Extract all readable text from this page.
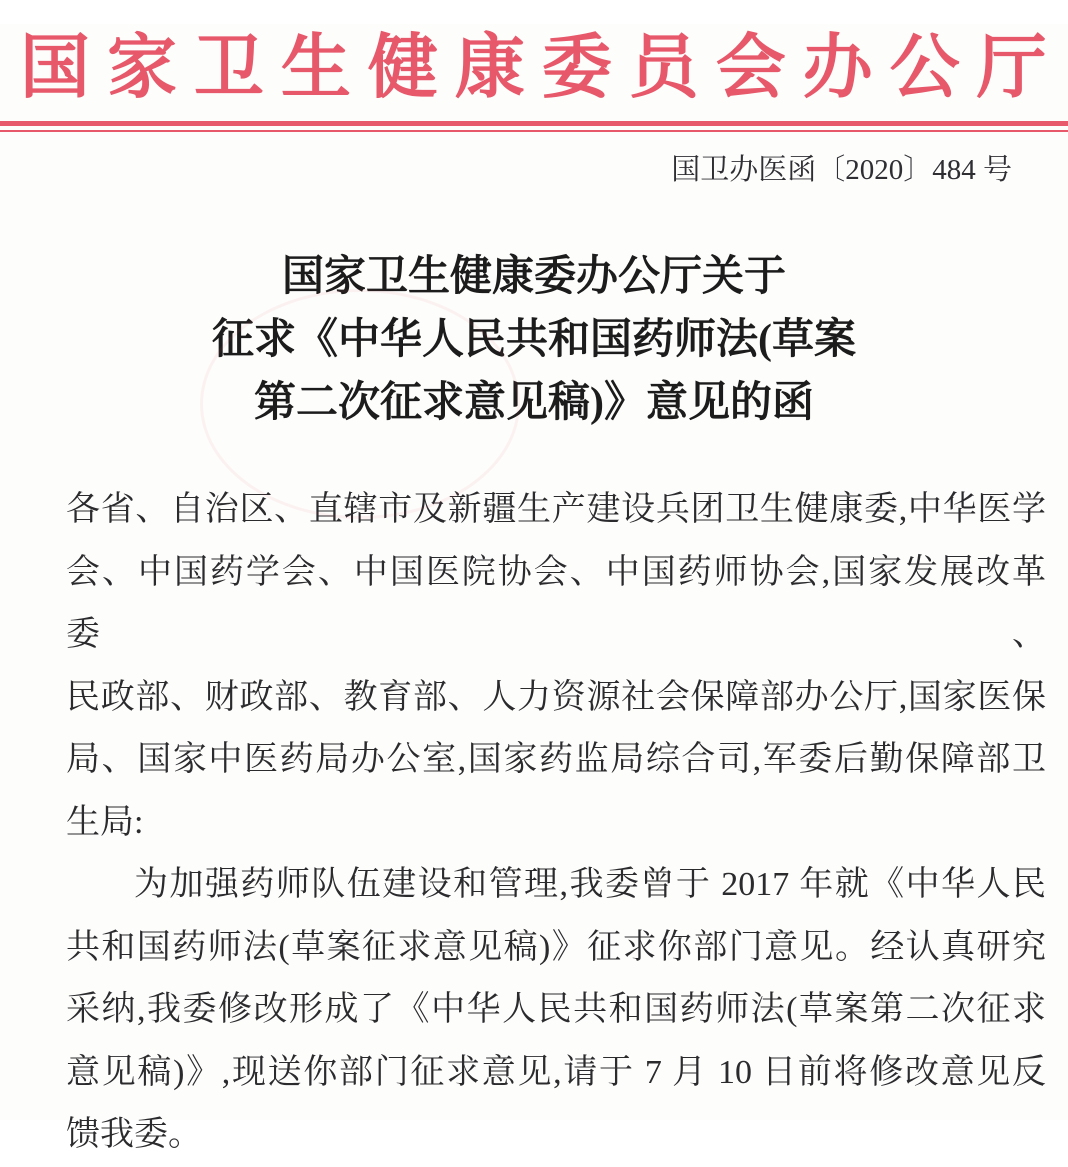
国家卫生健康委员会办公厅
国卫办医函〔2020〕484 号
国家卫生健康委办公厅关于
征求《中华人民共和国药师法(草案
第二次征求意见稿)》意见的函
各省、自治区、直辖市及新疆生产建设兵团卫生健康委,中华医学
会、中国药学会、中国医院协会、中国药师协会,国家发展改革委、
民政部、财政部、教育部、人力资源社会保障部办公厅,国家医保
局、国家中医药局办公室,国家药监局综合司,军委后勤保障部卫
生局:
为加强药师队伍建设和管理,我委曾于 2017 年就《中华人民
共和国药师法(草案征求意见稿)》征求你部门意见。经认真研究
采纳,我委修改形成了《中华人民共和国药师法(草案第二次征求
意见稿)》,现送你部门征求意见,请于 7 月 10 日前将修改意见反
馈我委。
